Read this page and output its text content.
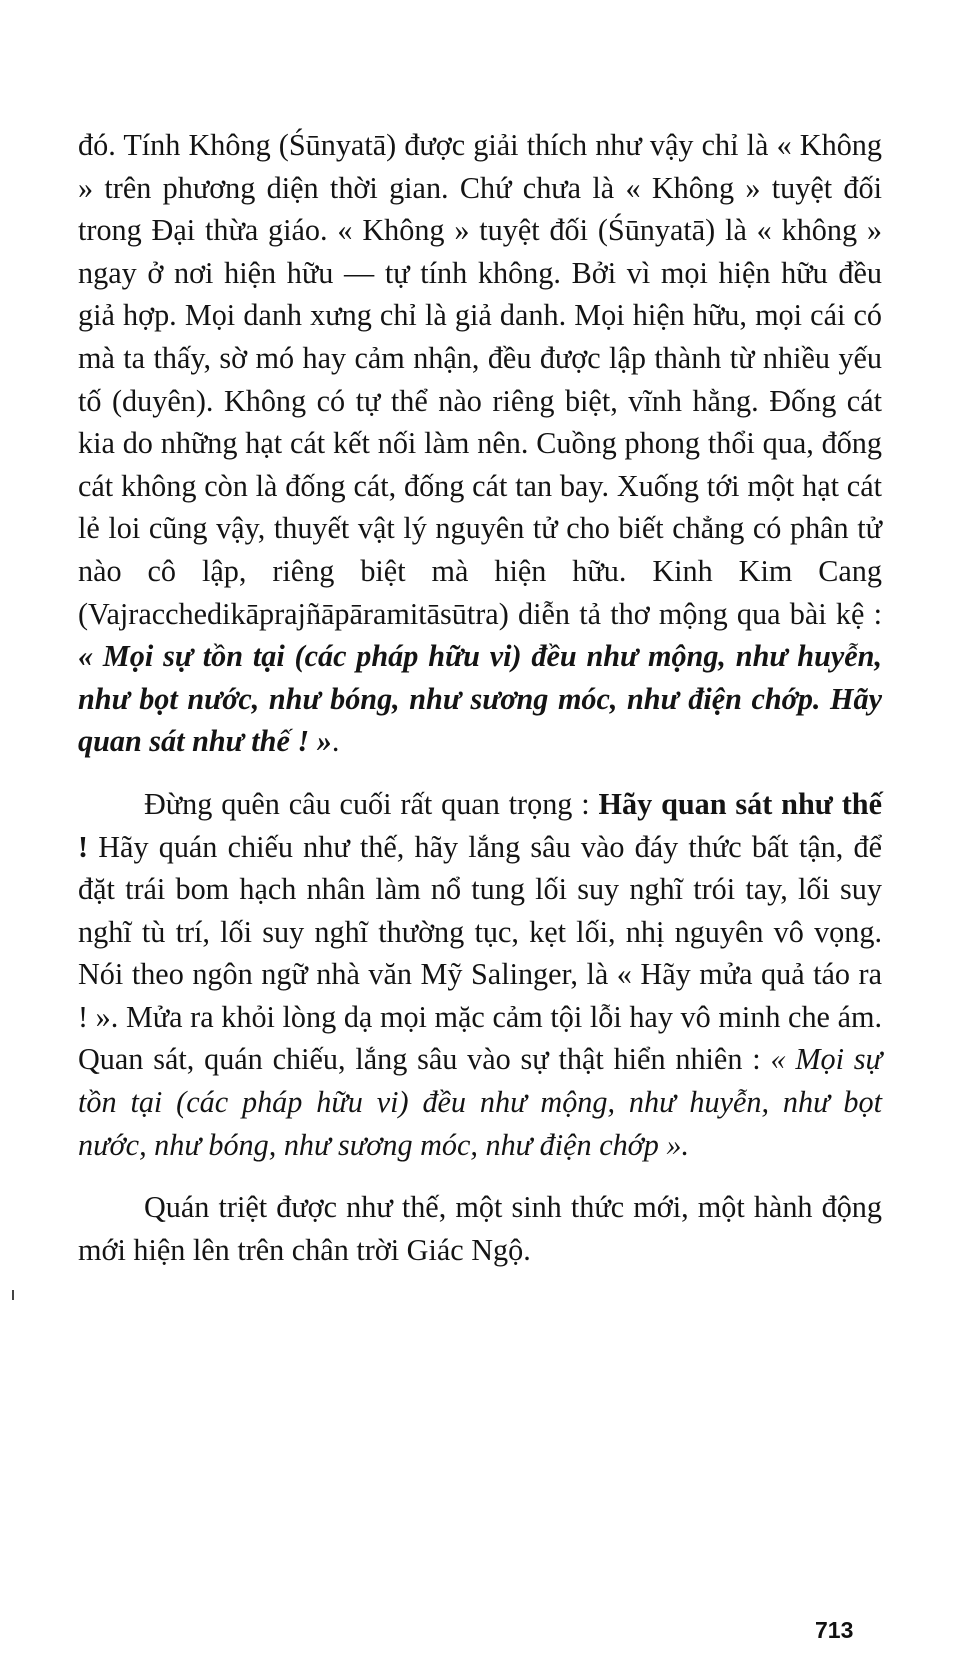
đó. Tính Không (Śūnyatā) được giải thích như vậy chỉ là « Không » trên phương diện thời gian. Chứ chưa là « Không » tuyệt đối trong Đại thừa giáo. « Không » tuyệt đối (Śūnyatā) là « không » ngay ở nơi hiện hữu — tự tính không. Bởi vì mọi hiện hữu đều giả hợp. Mọi danh xưng chỉ là giả danh. Mọi hiện hữu, mọi cái có mà ta thấy, sờ mó hay cảm nhận, đều được lập thành từ nhiều yếu tố (duyên). Không có tự thể nào riêng biệt, vĩnh hằng. Đống cát kia do những hạt cát kết nối làm nên. Cuồng phong thổi qua, đống cát không còn là đống cát, đống cát tan bay. Xuống tới một hạt cát lẻ loi cũng vậy, thuyết vật lý nguyên tử cho biết chẳng có phân tử nào cô lập, riêng biệt mà hiện hữu. Kinh Kim Cang (Vajracchedikāprajñāpāramitāsūtra) diễn tả thơ mộng qua bài kệ : « Mọi sự tồn tại (các pháp hữu vi) đều như mộng, như huyễn, như bọt nước, như bóng, như sương móc, như điện chớp. Hãy quan sát như thế ! ».

Đừng quên câu cuối rất quan trọng : Hãy quan sát như thế ! Hãy quán chiếu như thế, hãy lắng sâu vào đáy thức bất tận, để đặt trái bom hạch nhân làm nổ tung lối suy nghĩ trói tay, lối suy nghĩ tù trí, lối suy nghĩ thường tục, kẹt lối, nhị nguyên vô vọng. Nói theo ngôn ngữ nhà văn Mỹ Salinger, là « Hãy mửa quả táo ra ! ». Mửa ra khỏi lòng dạ mọi mặc cảm tội lỗi hay vô minh che ám. Quan sát, quán chiếu, lắng sâu vào sự thật hiển nhiên : « Mọi sự tồn tại (các pháp hữu vi) đều như mộng, như huyễn, như bọt nước, như bóng, như sương móc, như điện chớp ».

Quán triệt được như thế, một sinh thức mới, một hành động mới hiện lên trên chân trời Giác Ngộ.

713
